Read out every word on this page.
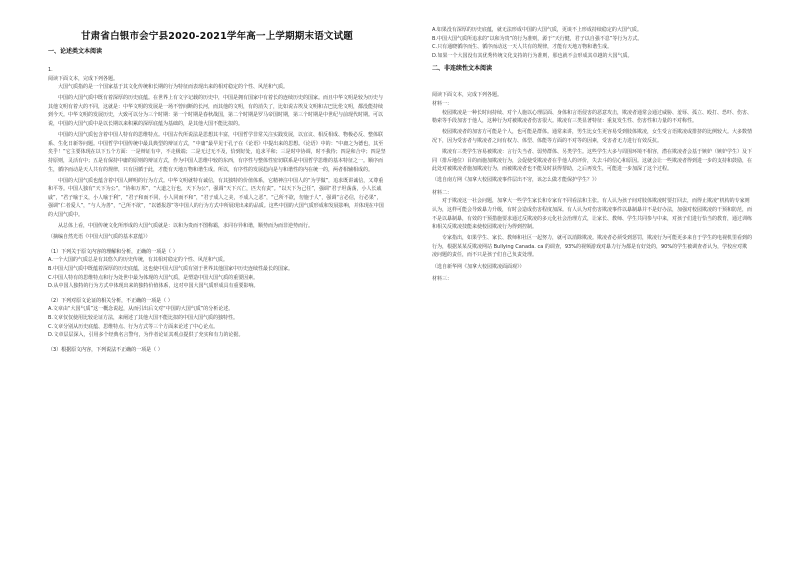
甘肃省白银市会宁县2020-2021学年高一上学期期末语文试题
一、论述类文本阅读
1.
阅读下面文本，完成下列各题。
大国气质指的是一个国家基于其文化传统和长期的行为特征而表现出来的相对稳定的个性、风范和气质。
中国的大国气质中既有着深厚的历史底蕴。在世界上有文字记载的历史中，中国是拥有国家中有着长的连续历史的国家。而且中华文明是较为历史与其他文明有着大的不同，这就是：中华文明的发展是一场不曾间断的长河，而其他的文明，有的消失了，比如说古埃及文明和古巴比伦文明，都没能持续到今天。中华文明的发展历史，大致可以分为三个时期：第一个时期是春秋战国，第二个时期是罗马帝国时期，第三个时期是中世纪与前现代时期。可以说，中国的大国气质中是以长期以来积累的深厚底蕴为基础的，是其他大国不能比拟的。
中国的大国气质包含着中国人特有的思维特点。中国古代所说法是思想其丰富，中国哲学非常关注实践发展，以宜议、相反相成、物极必反、整体联系、生化日新等问题。中国哲学中国传统中最具典型的辩证方式，“中庸”最早见于孔子在《论语》中提出来的思想。《论语》中的：“中庸之为德也，其至矣乎！”它主要体现在以下五个方面：一是辩证有中，不走极端；二是无过无不及，恰到好处，追求平和；三是时中协调，时不我待；四是和合中；四是坚持原则，灵活有中；五是有保持中庸的原则的辩证方式，作为中国人思维中较的东西，有序性与整体性密切联系是中国哲学思维的基本特征之一。顺序而生，循序而动是天人共有的规律，只有因循于此，才能有天地万物和谐生成。所以，有序性的发展趋向是与和谐性的内在统一的，两者相辅相成的。
中国的大国气质也蕴含着中国人鲜明的行为方式。中华文明就特有诚信，有其独特的价值体系，它精神注中国人的“为学做”，追求既讲诚信，又尊重和平等。中国人独有“天下为公”，“协和万邦”，“大道之行也，天下为公”，强调“天下兴亡，匹夫有责”。“以天下为己任”，强调“君子坦荡荡，小人长戚戚”，“君子喻于义，小人喻于利”，“君子和而不同，小人同而不和”，“君子成人之美，不成人之恶”，“己所不欲，勿施于人”，强调“言必信，行必果”，强调“仁者爱人”，“与人为善”，“己所不欲”，“以德报怨”等中国人的行为方式中所展现出来的品质。这些中国的大国气质形成和发展影响，并体现在中国的大国气质中。
从总体上看，中国传统文化所形成的大国气质就是：以和为贵而不图称霸，求同存异和谐，顺势而为而非逆势而行。
（摘编自然光语《中国大国气质的基本意蕴》）
（1）下列关于原文内容的理解和分析，正确的一项是（ ）
A.一个大国的气质总是有其悠久的历史传统，有其相对稳定的个性、风范和气质。
B.中国大国气质中既蕴着深厚的历史底蕴，这也使中国大国气质有别于世界其他国家中历史连续性最长的国家。
C.中国人特有的思维特点和行为处世中最为体现的大国气质，是塑造中国大国气质的重要因素。
D.从中国人独特的行为方式中体现出来的独特价值体系，这对中国大国气质形成具有重要影响。
（2）下列对原文论证的相关分析，不正确的一项是（ ）
A.文章由“大国气质”这一概念说起，从而引出后文对“中国的大国气质”的分析论述。
B.文章仅仅使用比较论证方法，来阐述了其他大国不能比拟的中国大国气质的独特性。
C.文章分别从历史底蕴、思维特点、行为方式等三个方面来论述了中心论点。
D.文章层层深入，引用多个经典名言警句，为作者论证其观点提供了充实和有力的论据。
（3）根据原文内容，下列说法不正确的一项是（ ）
A.如果没有深厚的历史底蕴，就无法形成中国的大国气质，更谈不上形成持续稳定的大国气质。
B.中国大国气质所追求的“以和为贵”的行为准则，源于“天行健，君子以自强不息”等行为方式。
C.只有通晓循序而生、循序而动这一天人共有的规律，才能有天地万物和谐生成。
D.如果一个大国没有其优秀传统文化支持的行为准则，那也就不会形成其卓越的大国气质。
二、非连续性文本阅读
阅读下面文本，完成下列各题。
材料一：
校园欺凌是一种长时间持续、对个人施以心理层面、身体和言语侵害的恶意攻击，欺凌者通常会通过威胁、羞辱、孤立、殴打、恐吓、伤害、勒索等手段加害于他人，这种行为对被欺凌者伤害很大。欺凌有三类显著特征：重复发生性、伤害性和力量的不对称性。
校园欺凌者的加害方可能是个人，也可能是群体。通常来讲，男生比女生更容易受到肢体欺凌，女生受言语欺凌或排挤的比例较大。大多数情况下，因为受害者与欺凌者之间有权力、体型、体能等方面的不对等的因素，受害者无力进行有效反抗。
欺凌有三类学生容易被欺凌：言行失当者、弱势群体、另类学生。这些学生大多与周围环境不相容，潜在欺凌者会基于嫉妒（嫉妒学生）及下同（排斥地位）目的而施加欺凌行为，会促使受欺凌者在乎他人的评价，失去斗的信心和原因。这就会让一些欺凌者得到进一步的支持和鼓励，在此处对被欺凌者施加欺凌行为，而被欺凌者也不能及时获得帮助，之后再发生，可能进一步加深了这个过程。
（选自南方网《加拿大校园欺凌事件层出不穷，该怎么做才能保护学生？》）
材料二：
对于欺凌这一社会问题，加拿大一些学生家长和专家有不同看法和主张。有人认为孩子间对肢体欺凌时要打回去，而得止欺凌“机构的专家则认为，这样可能会导致暴力升级，有时会造成伤害程度加深。有人认为对伤害欺凌事件以暴制暴并不是好办法，加强对校园欺凌的干预和防范，而不是以暴制暴，有效的干预措施要求通过反欺凌的多元化社会治理方式，让家长、教师、学生共同参与中来，对孩子们进行恰当的教育，通过训练和相关反欺凌技能来使校园欺凌行为得到控制。
专家指出，如果学生、家长、教师和社区一起努力，就可以消除欺凌。欺凌者必须受到惩罚，欺凌行为可能更多来自于学生的电视机里看到的行为，根据某某反欺凌网站 Bullying Canada. ca 的调查，93%的视频游戏对暴力行为都是有好处的，90%的学生被调查者认为，学校应对欺凌问题的责任，而不只是孩子们自己负责处理。
（选自新华网《加拿大校园欺凌面面观》）
材料三：
